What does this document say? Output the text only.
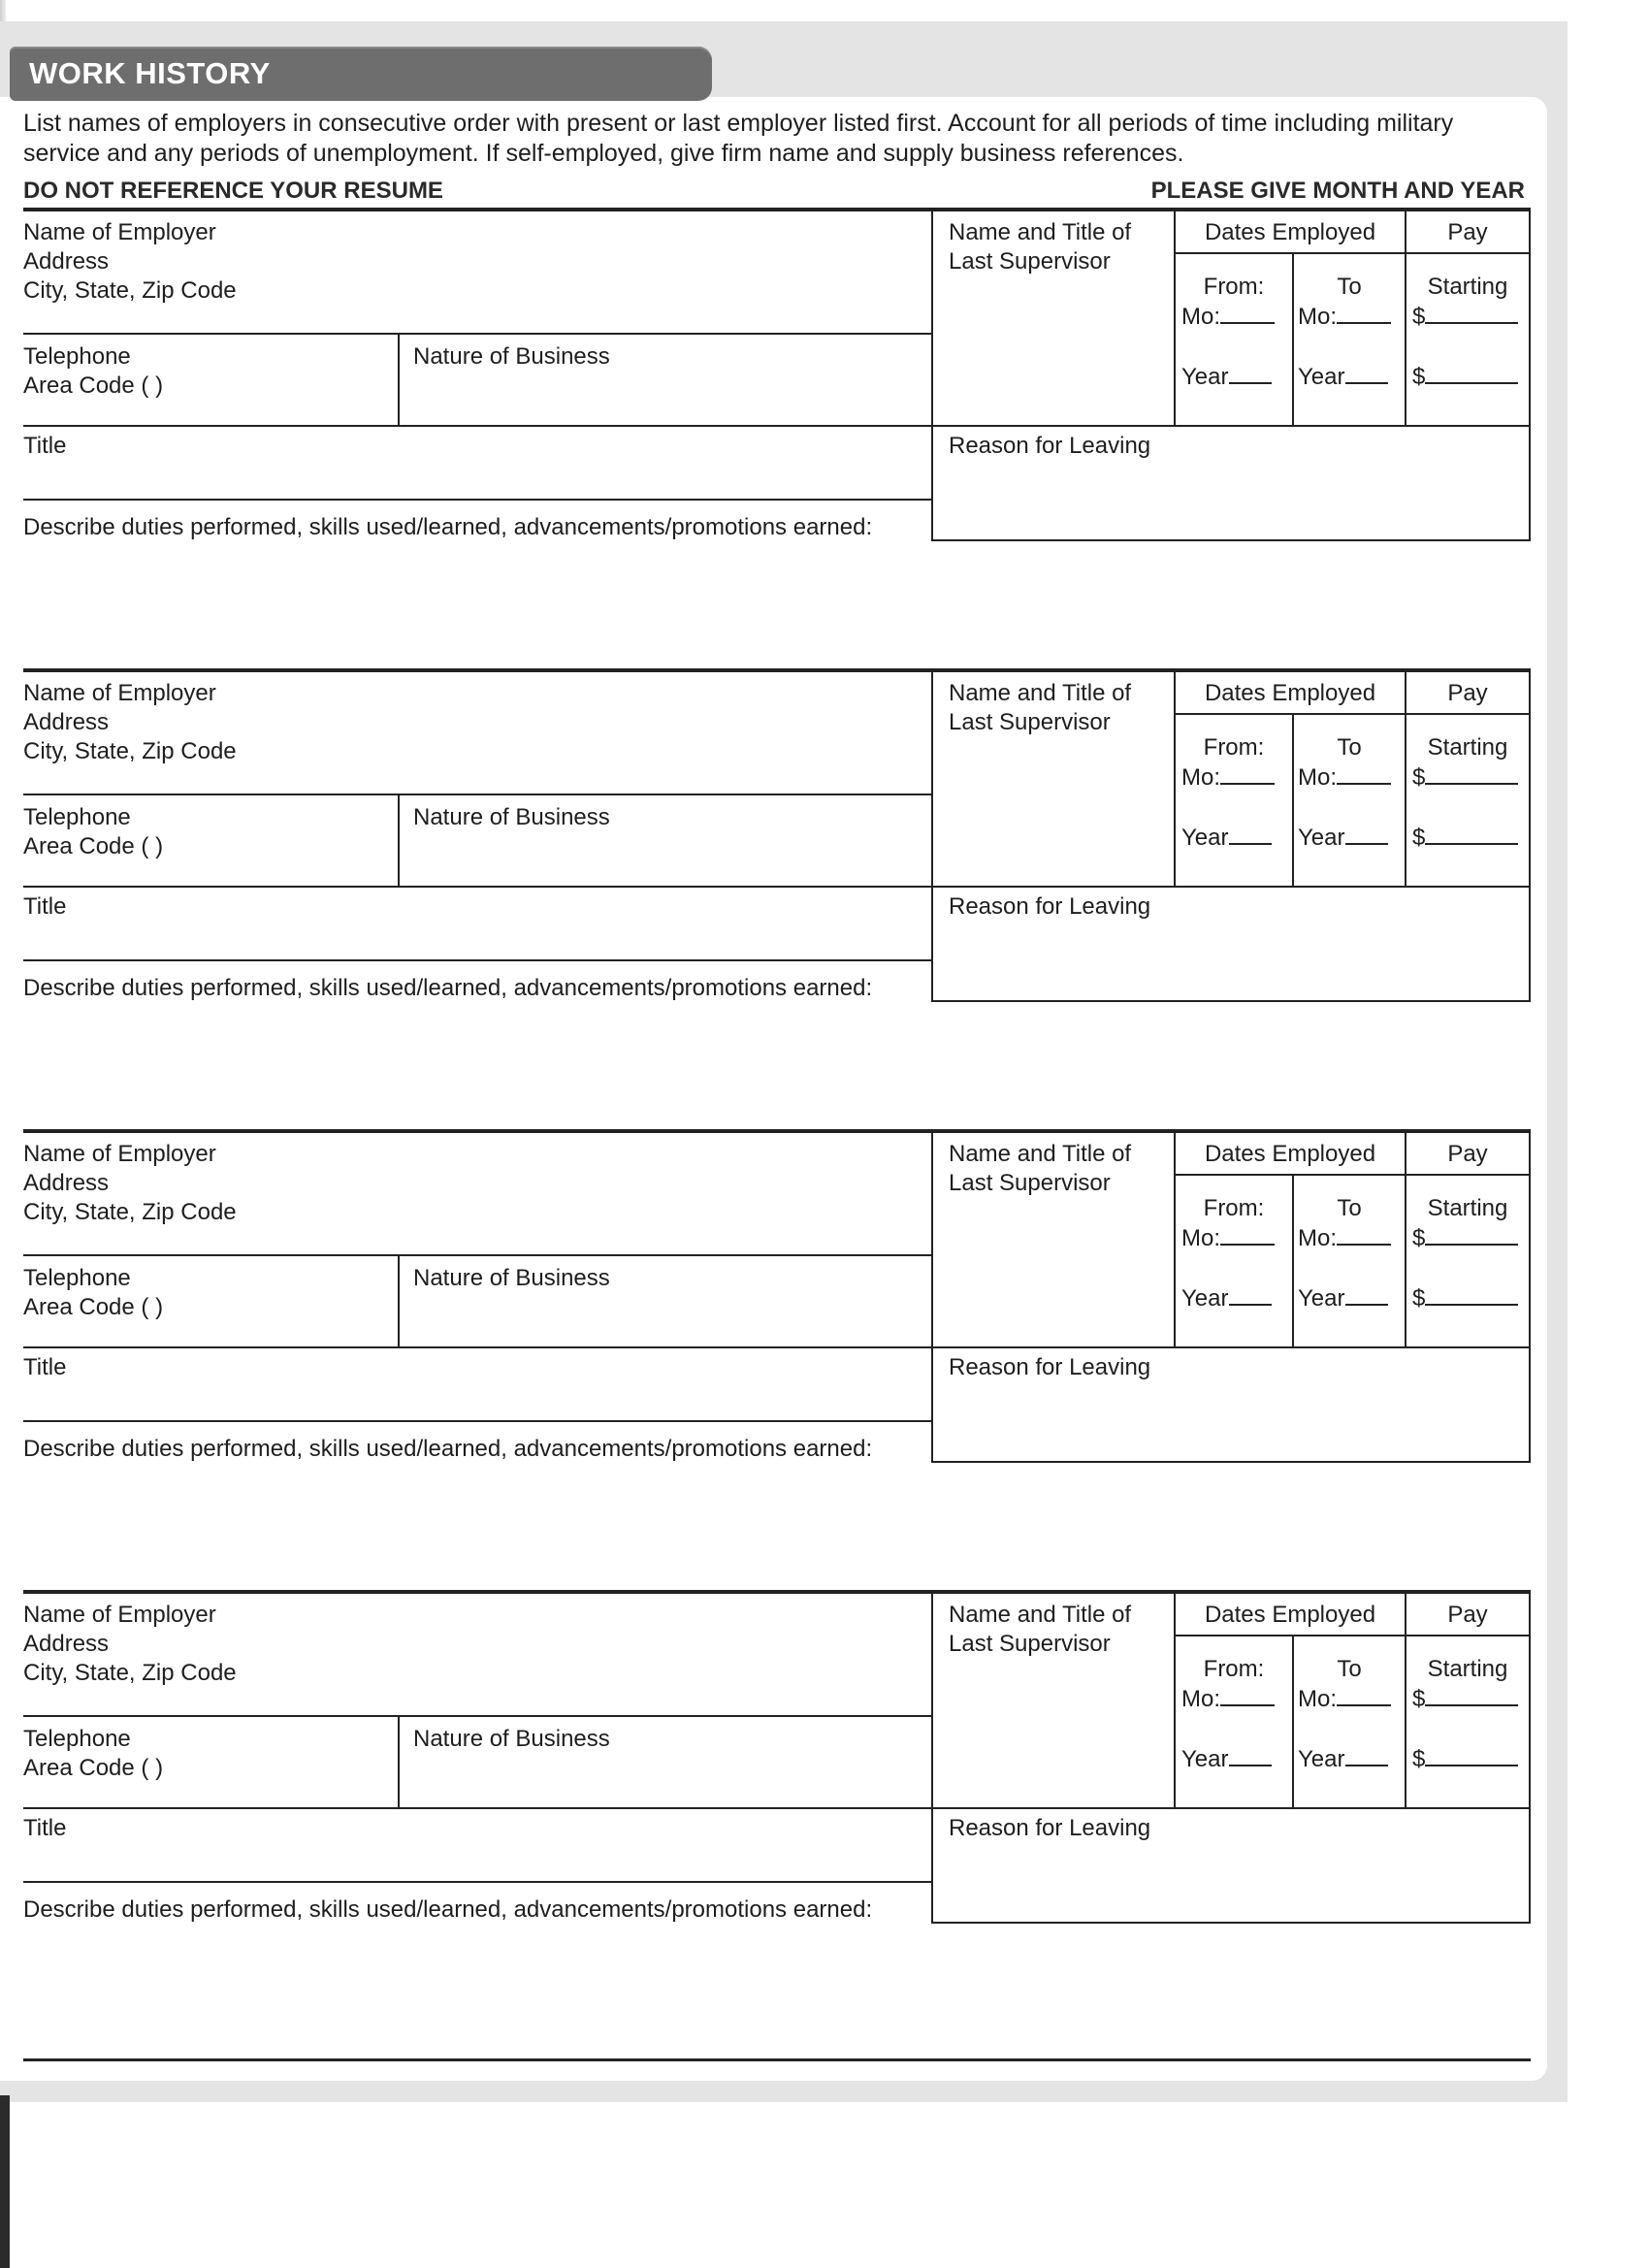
WORK HISTORY
List names of employers in consecutive order with present or last employer listed first. Account for all periods of time including military service and any periods of unemployment. If self-employed, give firm name and supply business references.
DO NOT REFERENCE YOUR RESUME	PLEASE GIVE MONTH AND YEAR
Name of Employer
Address
City, State, Zip Code
Telephone
Area Code ( )
Nature of Business
Title
Describe duties performed, skills used/learned, advancements/promotions earned:
Name and Title of
Last Supervisor
Dates Employed	Pay
From:	To	Starting
Mo:	Mo:	$
Year	Year	$
Reason for Leaving
Name of Employer
Address
City, State, Zip Code
Telephone
Area Code ( )
Nature of Business
Title
Describe duties performed, skills used/learned, advancements/promotions earned:
Name and Title of
Last Supervisor
Dates Employed	Pay
From:	To	Starting
Mo:	Mo:	$
Year	Year	$
Reason for Leaving
Name of Employer
Address
City, State, Zip Code
Telephone
Area Code ( )
Nature of Business
Title
Describe duties performed, skills used/learned, advancements/promotions earned:
Name and Title of
Last Supervisor
Dates Employed	Pay
From:	To	Starting
Mo:	Mo:	$
Year	Year	$
Reason for Leaving
Name of Employer
Address
City, State, Zip Code
Telephone
Area Code ( )
Nature of Business
Title
Describe duties performed, skills used/learned, advancements/promotions earned:
Name and Title of
Last Supervisor
Dates Employed	Pay
From:	To	Starting
Mo:	Mo:	$
Year	Year	$
Reason for Leaving
